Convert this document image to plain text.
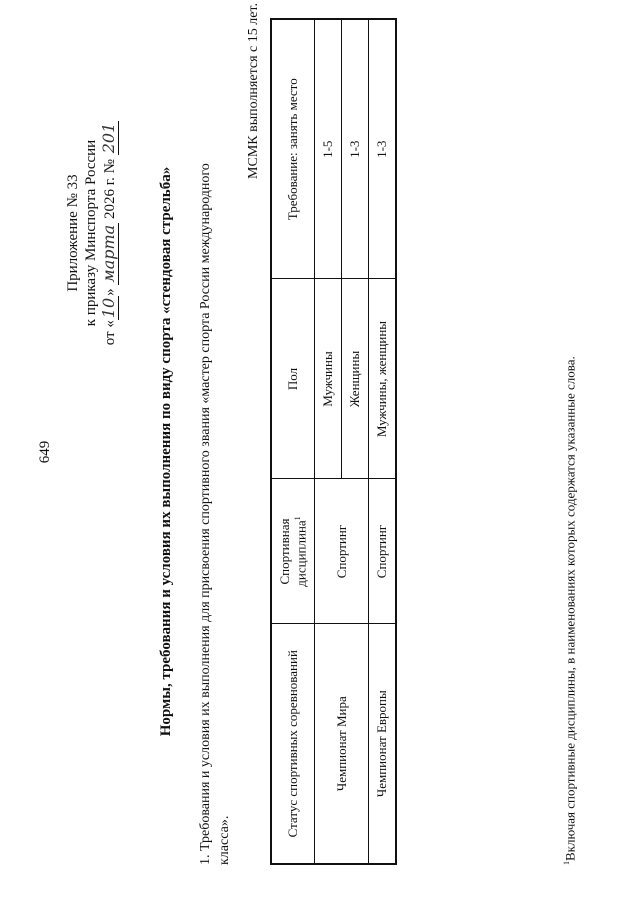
649
Приложение № 33 к приказу Минспорта России
от «10» марта 2026 г. № 201
Нормы, требования и условия их выполнения по виду спорта «стендовая стрельба» 1. Требования и условия их выполнения для присвоения спортивного звания «мастер спорта России международного класса».
МСМК выполняется с 15 лет.
Статус спортивных соревнований	Спортивная дисциплина$^1$	Пол	Требование: занять место
Чемпионат Мира	Спортинг	Мужчины	1-5
		Женщины	1-3
Чемпионат Европы	Спортинг	Мужчины, женщины	1-3
$^1$Включая спортивные дисциплины, в наименованиях которых содержатся указанные слова.
